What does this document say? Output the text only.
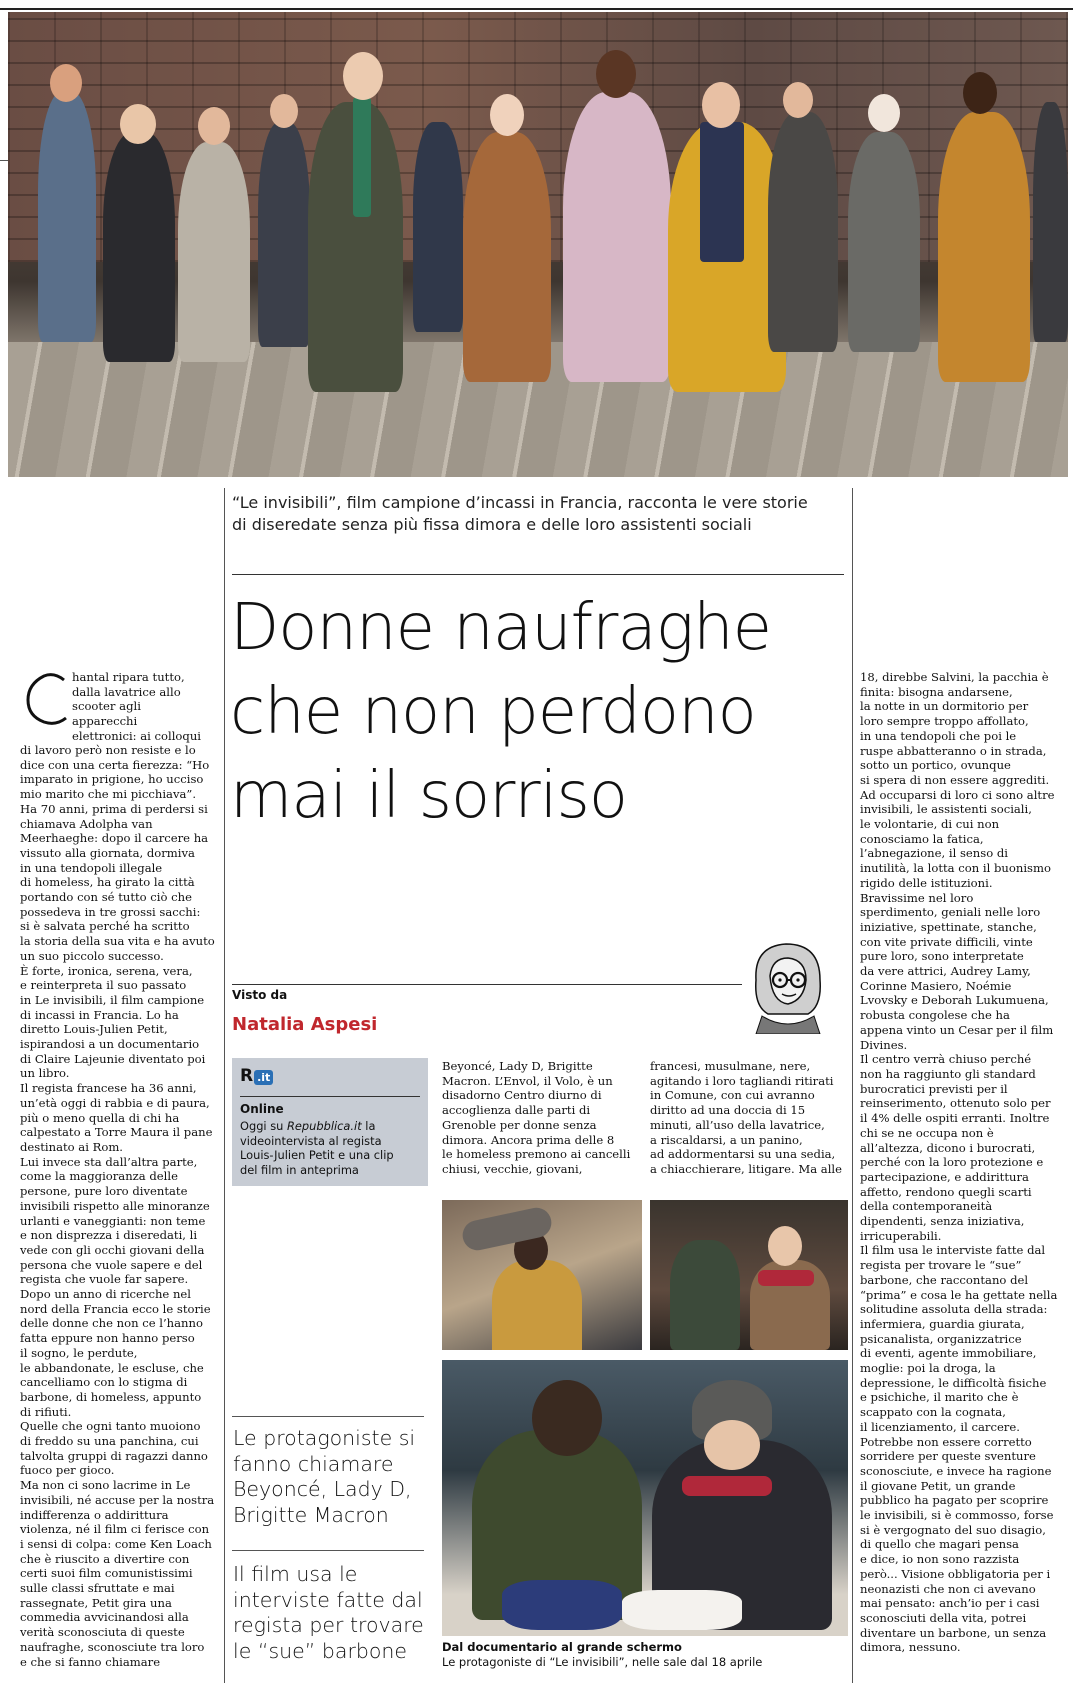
“Le invisibili”, film campione d’incassi in Francia, racconta le vere storie
di diseredate senza più fissa dimora e delle loro assistenti sociali
Donne naufraghe
che non perdono
mai il sorriso
Visto da
Natalia Aspesi
R .it
Online
Oggi su Repubblica.it la
videointervista al regista
Louis-Julien Petit e una clip
del film in anteprima
Le protagoniste si
fanno chiamare
Beyoncé, Lady D,
Brigitte Macron
Il film usa le
interviste fatte dal
regista per trovare
le “sue” barbone
hantal ripara tutto,
dalla lavatrice allo
scooter agli
apparecchi
elettronici: ai colloqui
di lavoro però non resiste e lo
dice con una certa fierezza: “Ho
imparato in prigione, ho ucciso
mio marito che mi picchiava”.
Ha 70 anni, prima di perdersi si
chiamava Adolpha van
Meerhaeghe: dopo il carcere ha
vissuto alla giornata, dormiva
in una tendopoli illegale
di homeless, ha girato la città
portando con sé tutto ciò che
possedeva in tre grossi sacchi:
si è salvata perché ha scritto
la storia della sua vita e ha avuto
un suo piccolo successo.
È forte, ironica, serena, vera,
e reinterpreta il suo passato
in Le invisibili, il film campione
di incassi in Francia. Lo ha
diretto Louis-Julien Petit,
ispirandosi a un documentario
di Claire Lajeunie diventato poi
un libro.
Il regista francese ha 36 anni,
un’età oggi di rabbia e di paura,
più o meno quella di chi ha
calpestato a Torre Maura il pane
destinato ai Rom.
Lui invece sta dall’altra parte,
come la maggioranza delle
persone, pure loro diventate
invisibili rispetto alle minoranze
urlanti e vaneggianti: non teme
e non disprezza i diseredati, li
vede con gli occhi giovani della
persona che vuole sapere e del
regista che vuole far sapere.
Dopo un anno di ricerche nel
nord della Francia ecco le storie
delle donne che non ce l’hanno
fatta eppure non hanno perso
il sogno, le perdute,
le abbandonate, le escluse, che
cancelliamo con lo stigma di
barbone, di homeless, appunto
di rifiuti.
Quelle che ogni tanto muoiono
di freddo su una panchina, cui
talvolta gruppi di ragazzi danno
fuoco per gioco.
Ma non ci sono lacrime in Le
invisibili, né accuse per la nostra
indifferenza o addirittura
violenza, né il film ci ferisce con
i sensi di colpa: come Ken Loach
che è riuscito a divertire con
certi suoi film comunistissimi
sulle classi sfruttate e mai
rassegnate, Petit gira una
commedia avvicinandosi alla
verità sconosciuta di queste
naufraghe, sconosciute tra loro
e che si fanno chiamare
Beyoncé, Lady D, Brigitte
Macron. L’Envol, il Volo, è un
disadorno Centro diurno di
accoglienza dalle parti di
Grenoble per donne senza
dimora. Ancora prima delle 8
le homeless premono ai cancelli
chiusi, vecchie, giovani,
francesi, musulmane, nere,
agitando i loro tagliandi ritirati
in Comune, con cui avranno
diritto ad una doccia di 15
minuti, all’uso della lavatrice,
a riscaldarsi, a un panino,
ad addormentarsi su una sedia,
a chiacchierare, litigare. Ma alle
18, direbbe Salvini, la pacchia è
finita: bisogna andarsene,
la notte in un dormitorio per
loro sempre troppo affollato,
in una tendopoli che poi le
ruspe abbatteranno o in strada,
sotto un portico, ovunque
si spera di non essere aggrediti.
Ad occuparsi di loro ci sono altre
invisibili, le assistenti sociali,
le volontarie, di cui non
conosciamo la fatica,
l’abnegazione, il senso di
inutilità, la lotta con il buonismo
rigido delle istituzioni.
Bravissime nel loro
sperdimento, geniali nelle loro
iniziative, spettinate, stanche,
con vite private difficili, vinte
pure loro, sono interpretate
da vere attrici, Audrey Lamy,
Corinne Masiero, Noémie
Lvovsky e Deborah Lukumuena,
robusta congolese che ha
appena vinto un Cesar per il film
Divines.
Il centro verrà chiuso perché
non ha raggiunto gli standard
burocratici previsti per il
reinserimento, ottenuto solo per
il 4% delle ospiti erranti. Inoltre
chi se ne occupa non è
all’altezza, dicono i burocrati,
perché con la loro protezione e
partecipazione, e addirittura
affetto, rendono quegli scarti
della contemporaneità
dipendenti, senza iniziativa,
irricuperabili.
Il film usa le interviste fatte dal
regista per trovare le “sue”
barbone, che raccontano del
“prima” e cosa le ha gettate nella
solitudine assoluta della strada:
infermiera, guardia giurata,
psicanalista, organizzatrice
di eventi, agente immobiliare,
moglie: poi la droga, la
depressione, le difficoltà fisiche
e psichiche, il marito che è
scappato con la cognata,
il licenziamento, il carcere.
Potrebbe non essere corretto
sorridere per queste sventure
sconosciute, e invece ha ragione
il giovane Petit, un grande
pubblico ha pagato per scoprire
le invisibili, si è commosso, forse
si è vergognato del suo disagio,
di quello che magari pensa
e dice, io non sono razzista
però... Visione obbligatoria per i
neonazisti che non ci avevano
mai pensato: anch’io per i casi
sconosciuti della vita, potrei
diventare un barbone, un senza
dimora, nessuno.
Dal documentario al grande schermo
Le protagoniste di “Le invisibili”, nelle sale dal 18 aprile
